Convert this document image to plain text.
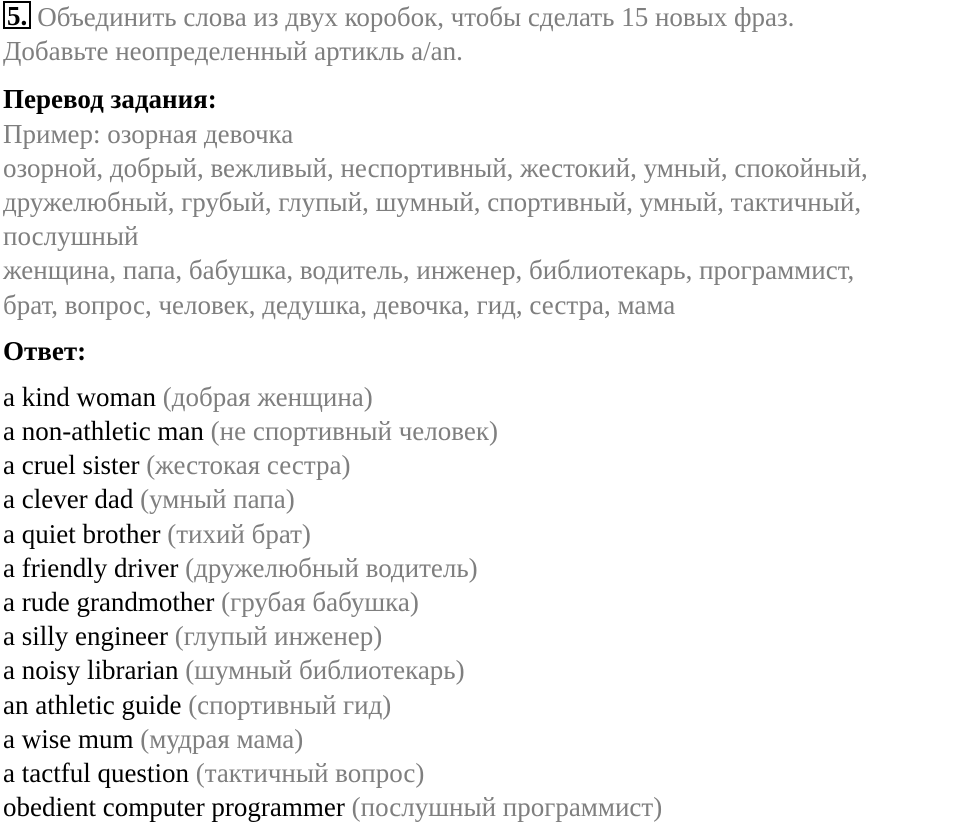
5. Объединить слова из двух коробок, чтобы сделать 15 новых фраз.
Добавьте неопределенный артикль a/an.
Перевод задания:
Пример: озорная девочка
озорной, добрый, вежливый, неспортивный, жестокий, умный, спокойный,
дружелюбный, грубый, глупый, шумный, спортивный, умный, тактичный,
послушный
женщина, папа, бабушка, водитель, инженер, библиотекарь, программист,
брат, вопрос, человек, дедушка, девочка, гид, сестра, мама
Ответ:
a kind woman (добрая женщина)
a non-athletic man (не спортивный человек)
a cruel sister (жестокая сестра)
a clever dad (умный папа)
a quiet brother (тихий брат)
a friendly driver (дружелюбный водитель)
a rude grandmother (грубая бабушка)
a silly engineer (глупый инженер)
a noisy librarian (шумный библиотекарь)
an athletic guide (спортивный гид)
a wise mum (мудрая мама)
a tactful question (тактичный вопрос)
obedient computer programmer (послушный программист)
